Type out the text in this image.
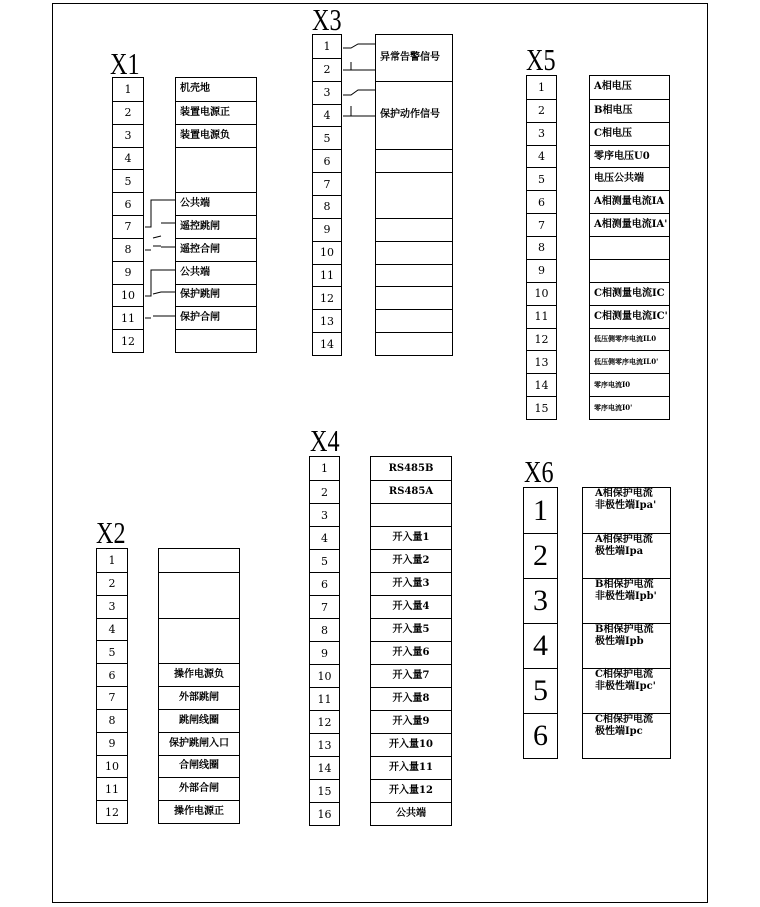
X1
1
2
3
4
5
6
7
8
9
10
11
12
机壳地
装置电源正
装置电源负
公共端
遥控跳闸
遥控合闸
公共端
保护跳闸
保护合闸
X2
1
2
3
4
5
6
7
8
9
10
11
12
操作电源负
外部跳闸
跳闸线圈
保护跳闸入口
合闸线圈
外部合闸
操作电源正
X3
1
2
3
4
5
6
7
8
9
10
11
12
13
14
异常告警信号
保护动作信号
X4
1
2
3
4
5
6
7
8
9
10
11
12
13
14
15
16
RS485B
RS485A
开入量1
开入量2
开入量3
开入量4
开入量5
开入量6
开入量7
开入量8
开入量9
开入量10
开入量11
开入量12
公共端
X5
1
2
3
4
5
6
7
8
9
10
11
12
13
14
15
A相电压
B相电压
C相电压
零序电压U0
电压公共端
A相测量电流IA
A相测量电流IA'
C相测量电流IC
C相测量电流IC'
低压侧零序电流IL0
低压侧零序电流IL0'
零序电流I0
零序电流I0'
X6
1
2
3
4
5
6
A相保护电流
非极性端Ipa'
A相保护电流
极性端Ipa
B相保护电流
非极性端Ipb'
B相保护电流
极性端Ipb
C相保护电流
非极性端Ipc'
C相保护电流
极性端Ipc
